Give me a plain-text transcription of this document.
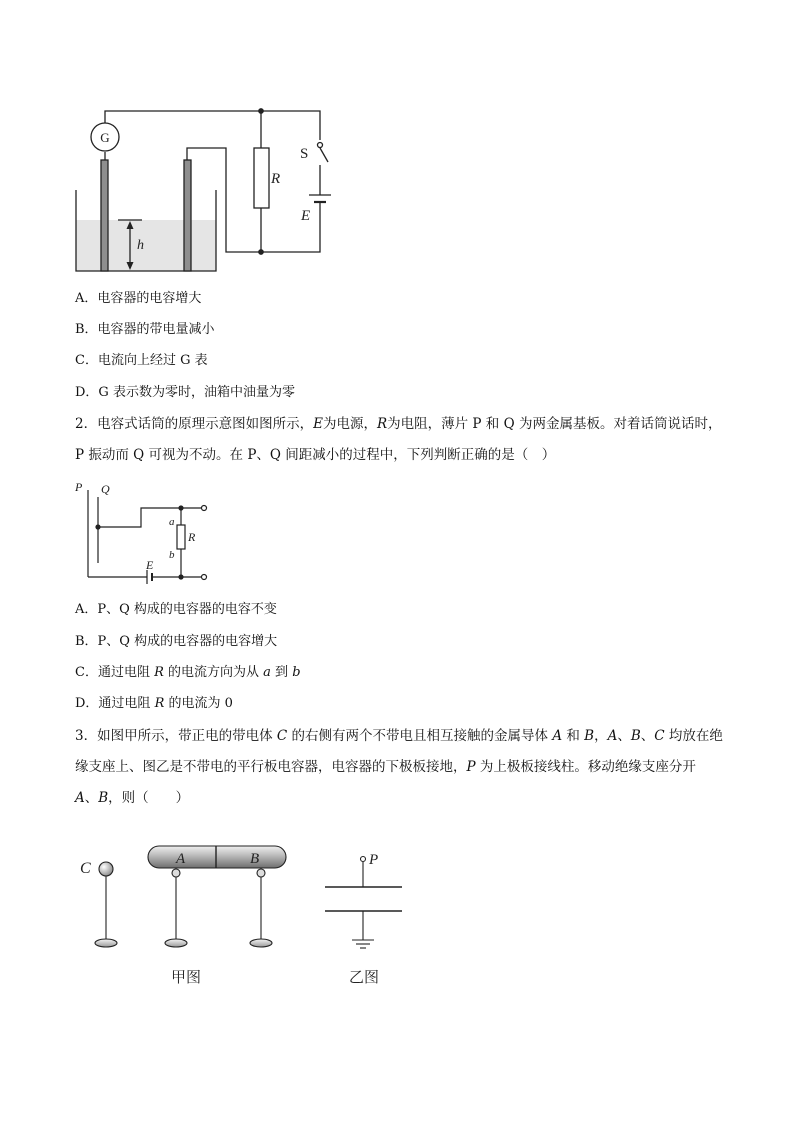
G
R
S
E
h
A．电容器的电容增大
B．电容器的带电量减小
C．电流向上经过 G 表
D．G 表示数为零时，油箱中油量为零
2．电容式话筒的原理示意图如图所示，E为电源，R为电阻，薄片 P 和 Q 为两金属基板。对着话筒说话时，
P 振动而 Q 可视为不动。在 P、Q 间距减小的过程中，下列判断正确的是（　）
P Q
a
b
R
E
A．P、Q 构成的电容器的电容不变
B．P、Q 构成的电容器的电容增大
C．通过电阻 R 的电流方向为从 a 到 b
D．通过电阻 R 的电流为 0
3．如图甲所示，带正电的带电体 C 的右侧有两个不带电且相互接触的金属导体 A 和 B，A、B、C 均放在绝
缘支座上、图乙是不带电的平行板电容器，电容器的下极板接地，P 为上极板接线柱。移动绝缘支座分开
A、B，则（　　）
C
A	B	P
甲图	乙图
